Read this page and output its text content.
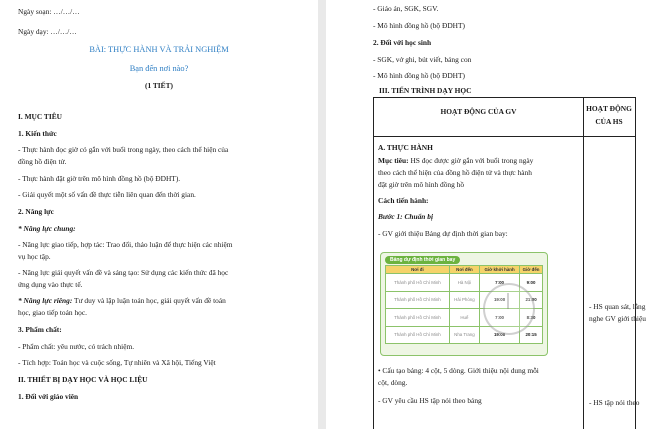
Ngày soạn: …/…/…
Ngày dạy: …/…/…
BÀI: THỰC HÀNH VÀ TRẢI NGHIỆM
Bạn đến nơi nào?
(1 TIẾT)
I. MỤC TIÊU
1. Kiến thức
- Thực hành đọc giờ có gắn với buổi trong ngày, theo cách thể hiện của
đồng hồ điện tử.
- Thực hành đặt giờ trên mô hình đồng hồ (bộ ĐDHT).
- Giải quyết một số vấn đề thực tiễn liên quan đến thời gian.
2. Năng lực
* Năng lực chung:
- Năng lực giao tiếp, hợp tác: Trao đổi, thảo luận để thực hiện các nhiệm
vụ học tập.
- Năng lực giải quyết vấn đề và sáng tạo: Sử dụng các kiến thức đã học
ứng dụng vào thực tế.
* Năng lực riêng: Tư duy và lập luận toán học, giải quyết vấn đề toán
học, giao tiếp toán học.
3. Phẩm chất:
- Phẩm chất: yêu nước, có trách nhiệm.
- Tích hợp: Toán học và cuộc sống, Tự nhiên và Xã hội, Tiếng Việt
II. THIẾT BỊ DẠY HỌC VÀ HỌC LIỆU
1. Đối với giáo viên
- Giáo án, SGK, SGV.
- Mô hình đồng hồ (bộ ĐDHT)
2. Đối với học sinh
- SGK, vở ghi, bút viết, bảng con
- Mô hình đồng hồ (bộ ĐDHT)
III. TIẾN TRÌNH DẠY HỌC
HOẠT ĐỘNG CỦA GV	HOẠT ĐỘNG
CỦA HS
A. THỰC HÀNH
Mục tiêu: HS đọc được giờ gắn với buổi trong ngày
theo cách thể hiện của đồng hồ điện tử và thực hành
đặt giờ trên mô hình đồng hồ
Cách tiến hành:
Bước 1: Chuẩn bị
- GV giới thiệu Bảng dự định thời gian bay:
Bảng dự định thời gian bay
Nơi đi	Nơi đến	Giờ khởi hành	Giờ đến
Thành phố Hồ Chí Minh	Hà Nội	7:00	9:00
Thành phố Hồ Chí Minh	Hải Phòng	19:00	21:00
Thành phố Hồ Chí Minh	Huế	7:00	8:30
Thành phố Hồ Chí Minh	Nha Trang	19:00	20:15
• Cấu tạo bảng: 4 cột, 5 dòng. Giới thiệu nội dung mỗi
cột, dòng.
- GV yêu cầu HS tập nói theo bảng
- HS quan sát, lắng
nghe GV giới thiệu
- HS tập nói theo
